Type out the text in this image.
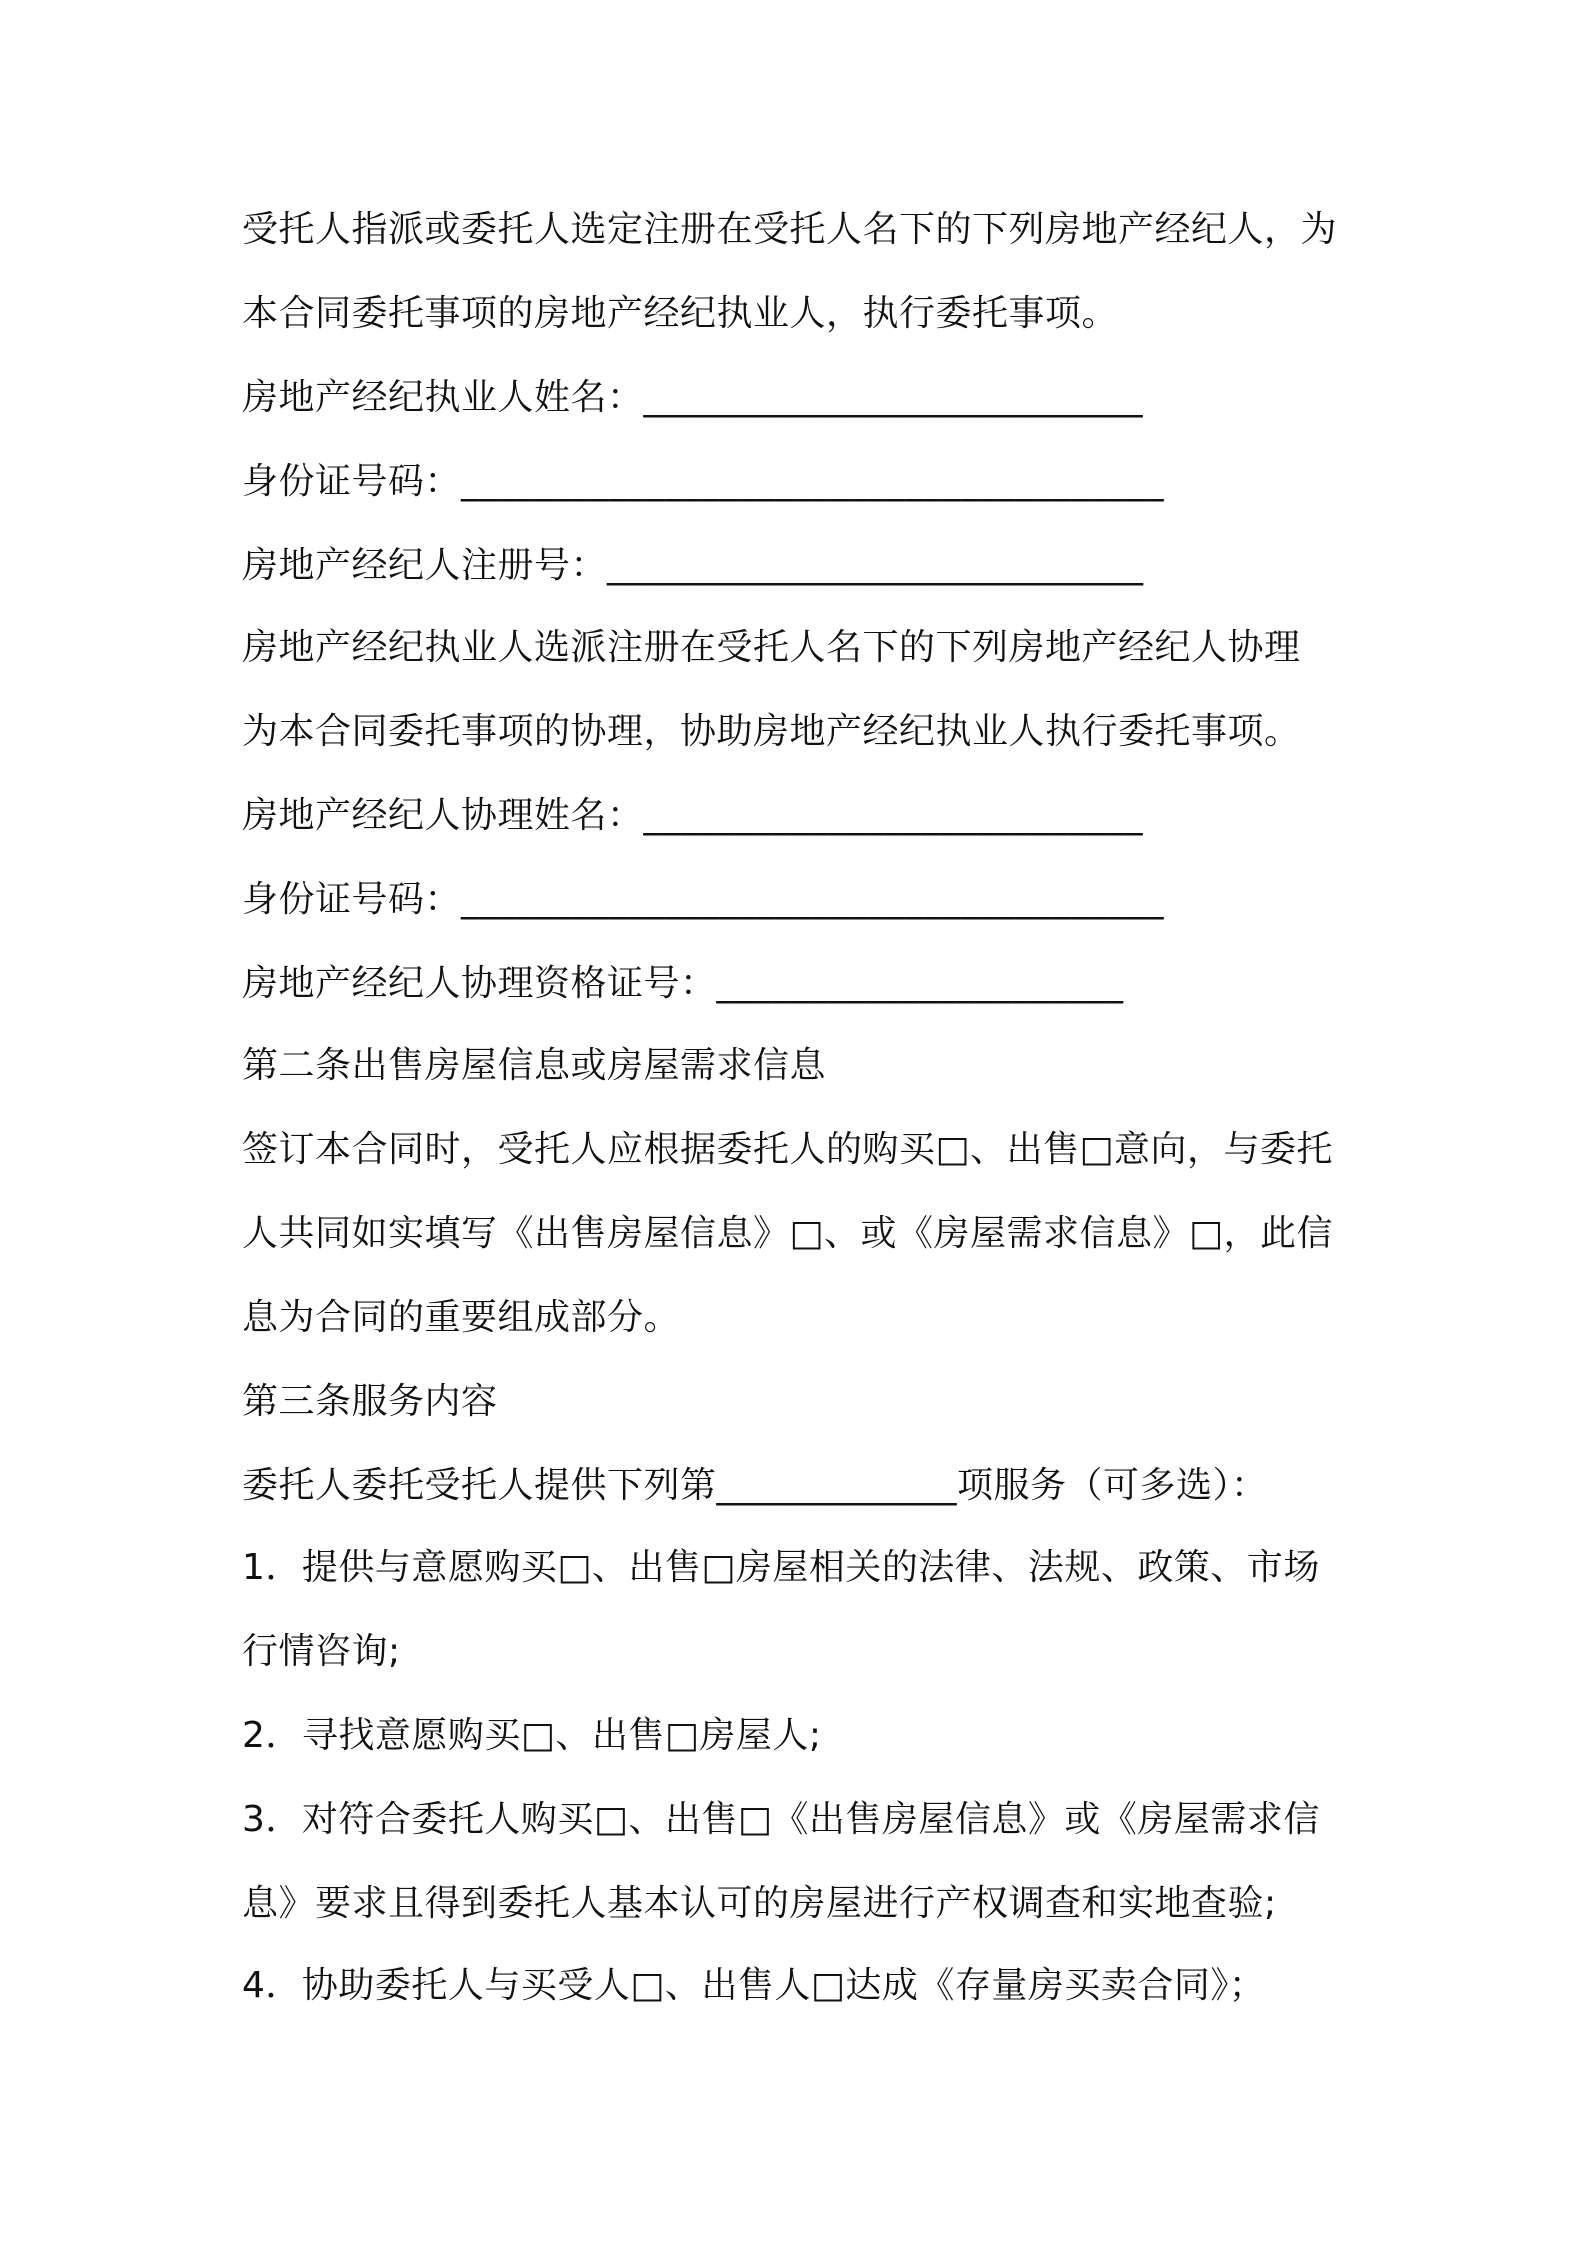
受托人指派或委托人选定注册在受托人名下的下列房地产经纪人，为
本合同委托事项的房地产经纪执业人，执行委托事项。
房地产经纪执业人姓名：___________________________
身份证号码：______________________________________
房地产经纪人注册号：_____________________________
房地产经纪执业人选派注册在受托人名下的下列房地产经纪人协理
为本合同委托事项的协理，协助房地产经纪执业人执行委托事项。
房地产经纪人协理姓名：___________________________
身份证号码：______________________________________
房地产经纪人协理资格证号：______________________
第二条出售房屋信息或房屋需求信息
签订本合同时，受托人应根据委托人的购买□、出售□意向，与委托
人共同如实填写《出售房屋信息》□、或《房屋需求信息》□，此信
息为合同的重要组成部分。
第三条服务内容
委托人委托受托人提供下列第_____________项服务（可多选）：
1．提供与意愿购买□、出售□房屋相关的法律、法规、政策、市场
行情咨询;
2．寻找意愿购买□、出售□房屋人;
3．对符合委托人购买□、出售□《出售房屋信息》或《房屋需求信
息》要求且得到委托人基本认可的房屋进行产权调查和实地查验;
4．协助委托人与买受人□、出售人□达成《存量房买卖合同》；
